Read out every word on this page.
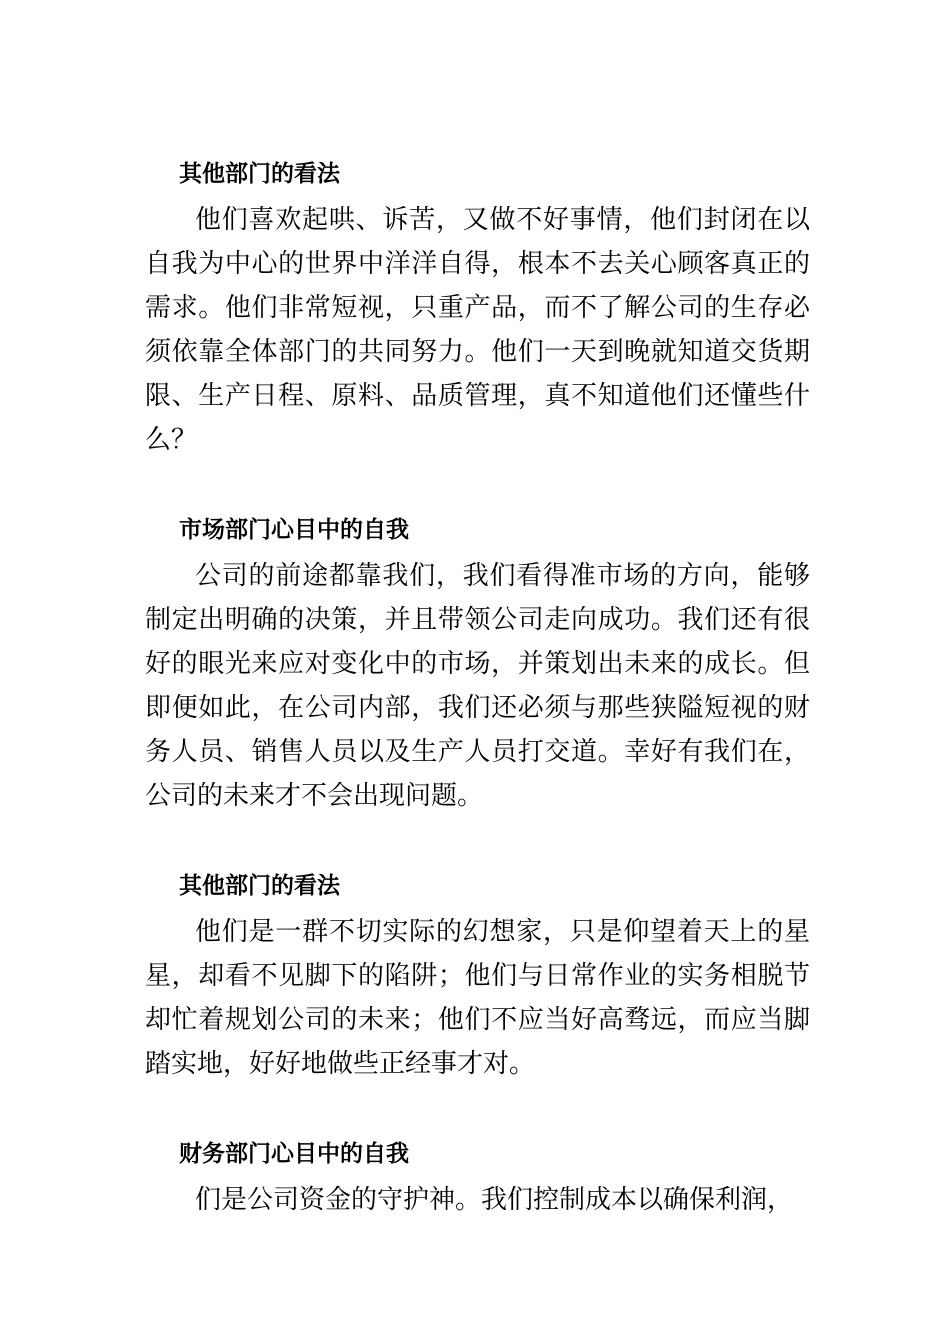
其他部门的看法

他们喜欢起哄、诉苦，又做不好事情，他们封闭在以自我为中心的世界中洋洋自得，根本不去关心顾客真正的需求。他们非常短视，只重产品，而不了解公司的生存必须依靠全体部门的共同努力。他们一天到晚就知道交货期限、生产日程、原料、品质管理，真不知道他们还懂些什么？

市场部门心目中的自我

公司的前途都靠我们，我们看得准市场的方向，能够制定出明确的决策，并且带领公司走向成功。我们还有很好的眼光来应对变化中的市场，并策划出未来的成长。但即便如此，在公司内部，我们还必须与那些狭隘短视的财务人员、销售人员以及生产人员打交道。幸好有我们在，公司的未来才不会出现问题。

其他部门的看法

他们是一群不切实际的幻想家，只是仰望着天上的星星，却看不见脚下的陷阱；他们与日常作业的实务相脱节却忙着规划公司的未来；他们不应当好高骛远，而应当脚踏实地，好好地做些正经事才对。

财务部门心目中的自我

们是公司资金的守护神。我们控制成本以确保利润，
